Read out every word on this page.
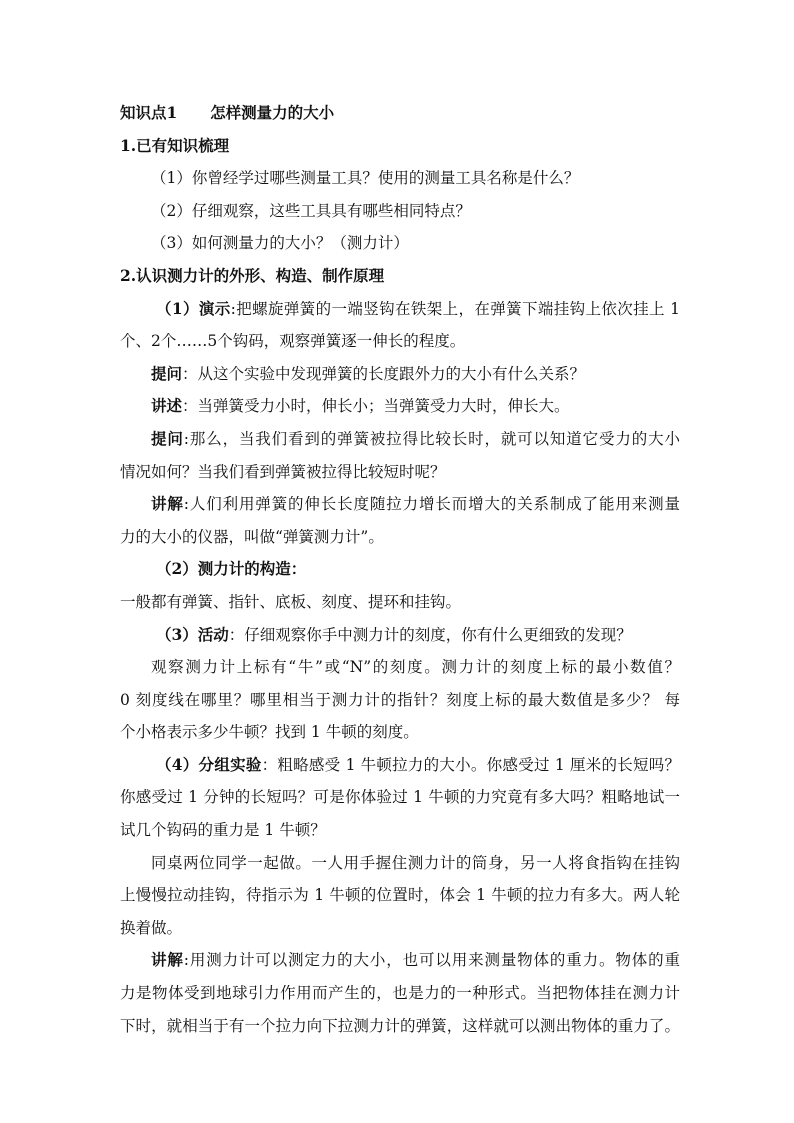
知识点1 怎样测量力的大小
1.已有知识梳理
（1）你曾经学过哪些测量工具？使用的测量工具名称是什么？
（2）仔细观察，这些工具具有哪些相同特点？
（3）如何测量力的大小？（测力计）
2.认识测力计的外形、构造、制作原理
（1）演示:把螺旋弹簧的一端竖钩在铁架上，在弹簧下端挂钩上依次挂上 1
个、2个……5个钩码，观察弹簧逐一伸长的程度。
提问：从这个实验中发现弹簧的长度跟外力的大小有什么关系？
讲述：当弹簧受力小时，伸长小；当弹簧受力大时，伸长大。
提问:那么，当我们看到的弹簧被拉得比较长时，就可以知道它受力的大小
情况如何？当我们看到弹簧被拉得比较短时呢？
讲解:人们利用弹簧的伸长长度随拉力增长而增大的关系制成了能用来测量
力的大小的仪器，叫做“弹簧测力计”。
（2）测力计的构造：
一般都有弹簧、指针、底板、刻度、提环和挂钩。
（3）活动：仔细观察你手中测力计的刻度，你有什么更细致的发现？
观察测力计上标有“牛”或“N”的刻度。测力计的刻度上标的最小数值？
0 刻度线在哪里？哪里相当于测力计的指针？刻度上标的最大数值是多少？ 每
个小格表示多少牛顿？找到 1 牛顿的刻度。
（4）分组实验：粗略感受 1 牛顿拉力的大小。你感受过 1 厘米的长短吗？
你感受过 1 分钟的长短吗？可是你体验过 1 牛顿的力究竟有多大吗？粗略地试一
试几个钩码的重力是 1 牛顿？
同桌两位同学一起做。一人用手握住测力计的筒身，另一人将食指钩在挂钩
上慢慢拉动挂钩，待指示为 1 牛顿的位置时，体会 1 牛顿的拉力有多大。两人轮
换着做。
讲解:用测力计可以测定力的大小，也可以用来测量物体的重力。物体的重
力是物体受到地球引力作用而产生的，也是力的一种形式。当把物体挂在测力计
下时，就相当于有一个拉力向下拉测力计的弹簧，这样就可以测出物体的重力了。
